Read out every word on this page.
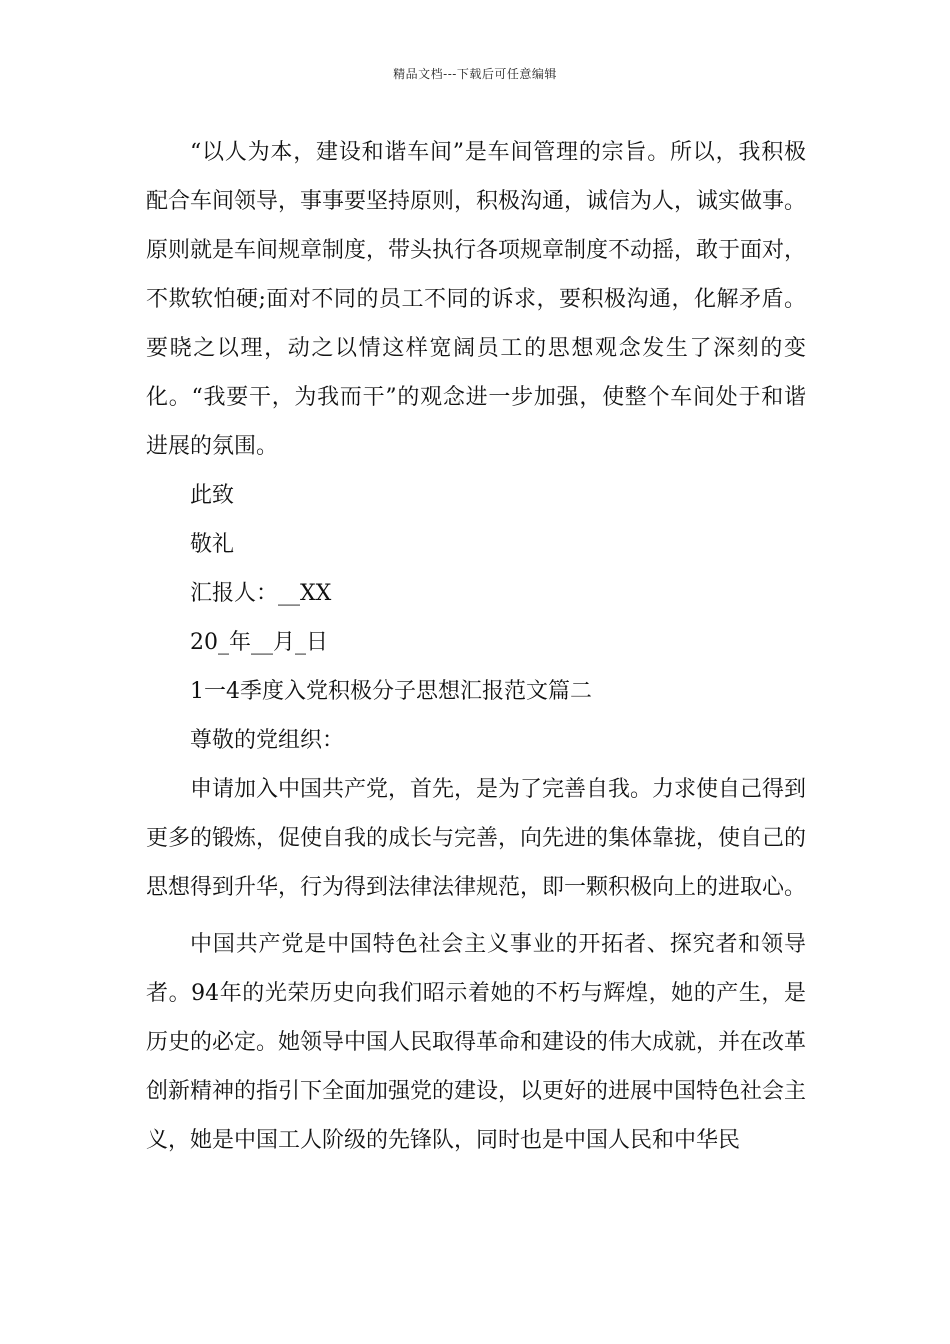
精品文档---下载后可任意编辑

“以人为本，建设和谐车间”是车间管理的宗旨。所以，我积极配合车间领导，事事要坚持原则，积极沟通，诚信为人，诚实做事。原则就是车间规章制度，带头执行各项规章制度不动摇，敢于面对，不欺软怕硬;面对不同的员工不同的诉求，要积极沟通，化解矛盾。要晓之以理，动之以情这样宽阔员工的思想观念发生了深刻的变化。“我要干，为我而干”的观念进一步加强，使整个车间处于和谐进展的氛围。

此致

敬礼

汇报人：__XX

20_年__月_日

1一4季度入党积极分子思想汇报范文篇二

尊敬的党组织：

申请加入中国共产党，首先，是为了完善自我。力求使自己得到更多的锻炼，促使自我的成长与完善，向先进的集体靠拢，使自己的思想得到升华，行为得到法律法律规范，即一颗积极向上的进取心。

中国共产党是中国特色社会主义事业的开拓者、探究者和领导者。94年的光荣历史向我们昭示着她的不朽与辉煌，她的产生，是历史的必定。她领导中国人民取得革命和建设的伟大成就，并在改革创新精神的指引下全面加强党的建设，以更好的进展中国特色社会主义，她是中国工人阶级的先锋队，同时也是中国人民和中华民
